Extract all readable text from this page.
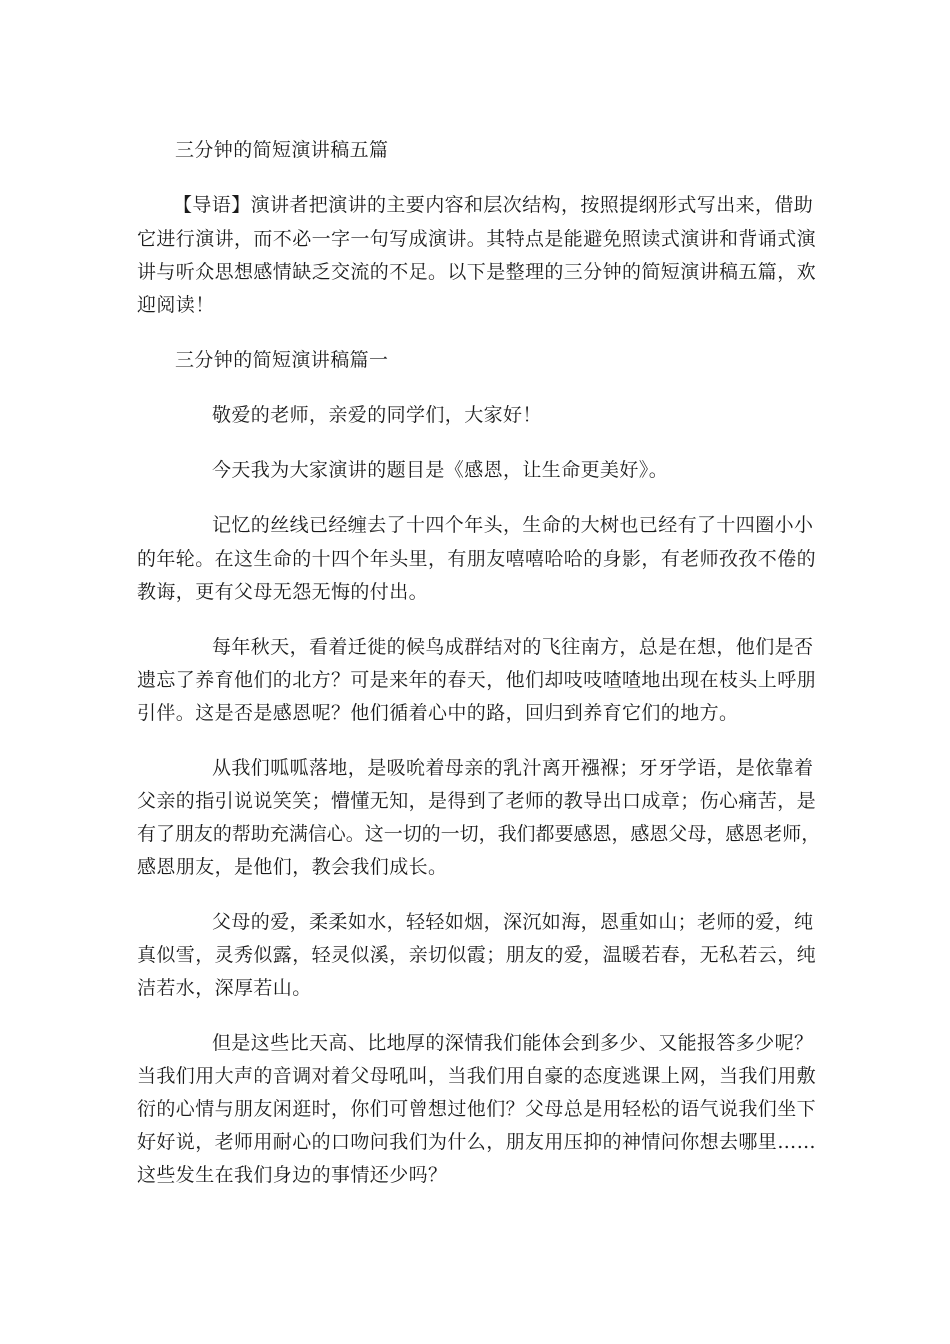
三分钟的简短演讲稿五篇
【导语】演讲者把演讲的主要内容和层次结构，按照提纲形式写出来，借助
它进行演讲，而不必一字一句写成演讲。其特点是能避免照读式演讲和背诵式演
讲与听众思想感情缺乏交流的不足。以下是整理的三分钟的简短演讲稿五篇，欢
迎阅读！
三分钟的简短演讲稿篇一
敬爱的老师，亲爱的同学们，大家好！
今天我为大家演讲的题目是《感恩，让生命更美好》。
记忆的丝线已经缠去了十四个年头，生命的大树也已经有了十四圈小小
的年轮。在这生命的十四个年头里，有朋友嘻嘻哈哈的身影，有老师孜孜不倦的
教诲，更有父母无怨无悔的付出。
每年秋天，看着迁徙的候鸟成群结对的飞往南方，总是在想，他们是否
遗忘了养育他们的北方？可是来年的春天，他们却吱吱喳喳地出现在枝头上呼朋
引伴。这是否是感恩呢？他们循着心中的路，回归到养育它们的地方。
从我们呱呱落地，是吸吮着母亲的乳汁离开襁褓；牙牙学语，是依靠着
父亲的指引说说笑笑；懵懂无知，是得到了老师的教导出口成章；伤心痛苦，是
有了朋友的帮助充满信心。这一切的一切，我们都要感恩，感恩父母，感恩老师，
感恩朋友，是他们，教会我们成长。
父母的爱，柔柔如水，轻轻如烟，深沉如海，恩重如山；老师的爱，纯
真似雪，灵秀似露，轻灵似溪，亲切似霞；朋友的爱，温暖若春，无私若云，纯
洁若水，深厚若山。
但是这些比天高、比地厚的深情我们能体会到多少、又能报答多少呢？
当我们用大声的音调对着父母吼叫，当我们用自豪的态度逃课上网，当我们用敷
衍的心情与朋友闲逛时，你们可曾想过他们？父母总是用轻松的语气说我们坐下
好好说，老师用耐心的口吻问我们为什么，朋友用压抑的神情问你想去哪里……
这些发生在我们身边的事情还少吗？
